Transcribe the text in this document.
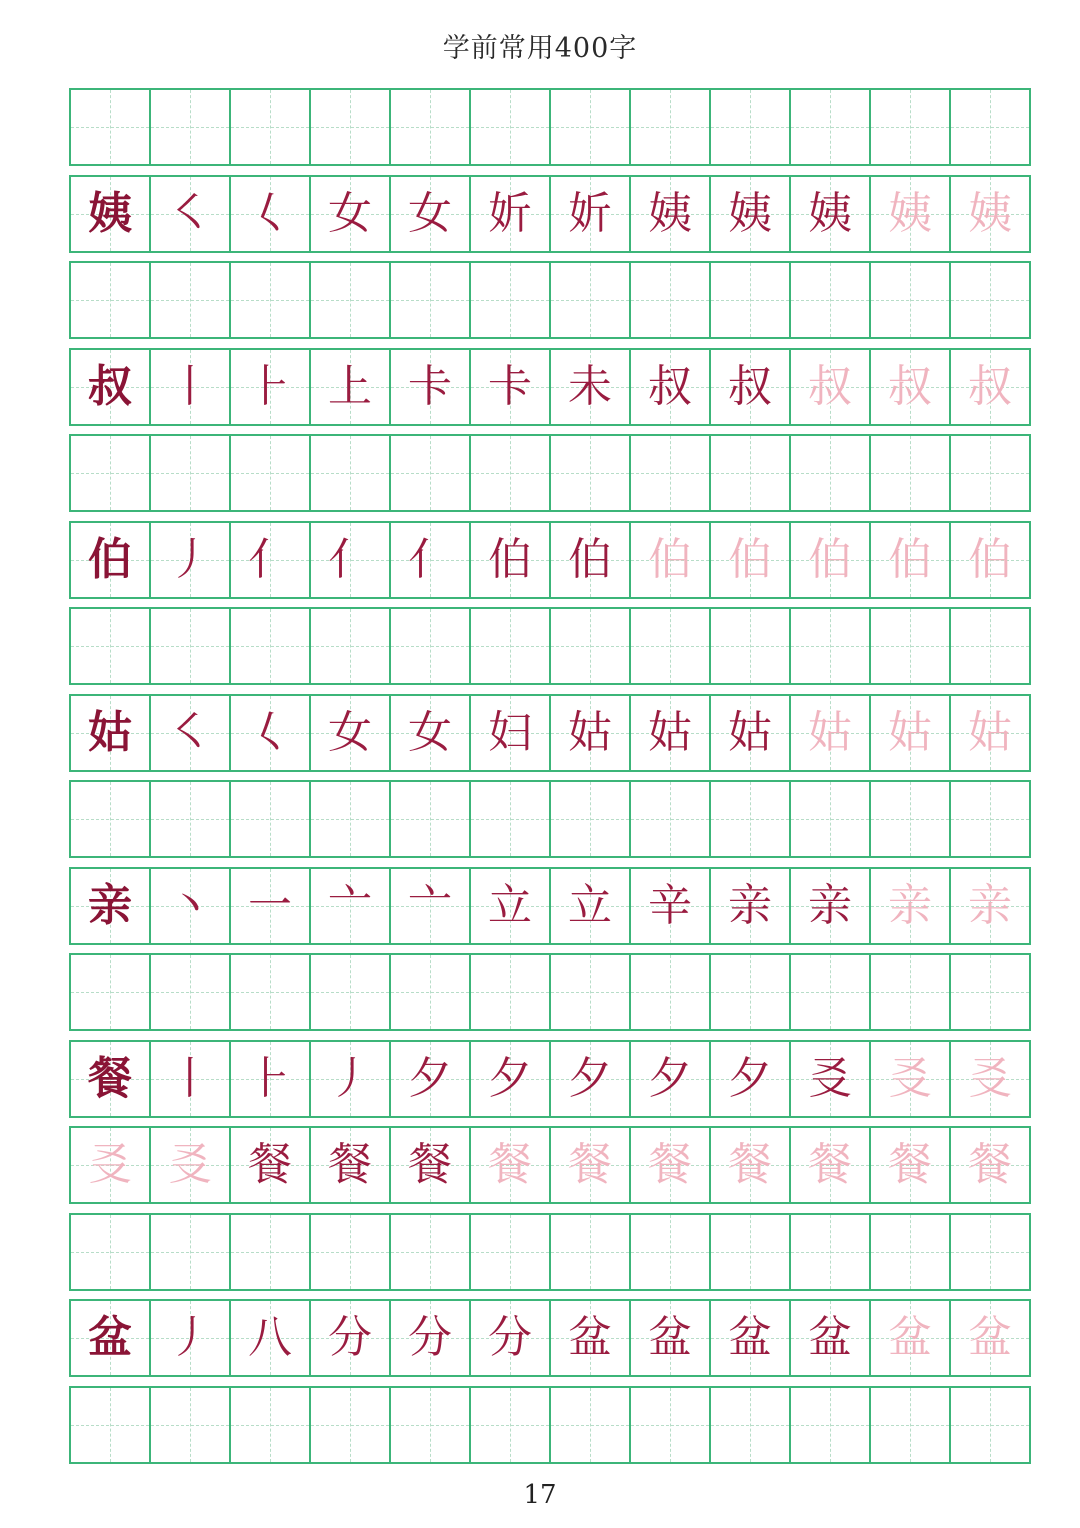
学前常用400字
姨 ㇛ 𡿨 女 女 妡 妡 姨 姨 姨 姨 姨
叔 丨 ⺊ 上 卡 卡 未 叔 叔 叔 叔 叔
伯 丿 亻 亻 亻 伯 伯 伯 伯 伯 伯 伯
姑 ㇛ 𡿨 女 女 妇 姑 姑 姑 姑 姑 姑
亲 丶 一 亠 亠 立 立 辛 亲 亲 亲 亲
餐 丨 ⺊ 丿 夕 夕 夕 夕 夕 㕛 㕛 㕛
㕛 㕛 餐 餐 餐 餐 餐 餐 餐 餐 餐 餐
盆 丿 八 分 分 分 盆 盆 盆 盆 盆 盆
17
